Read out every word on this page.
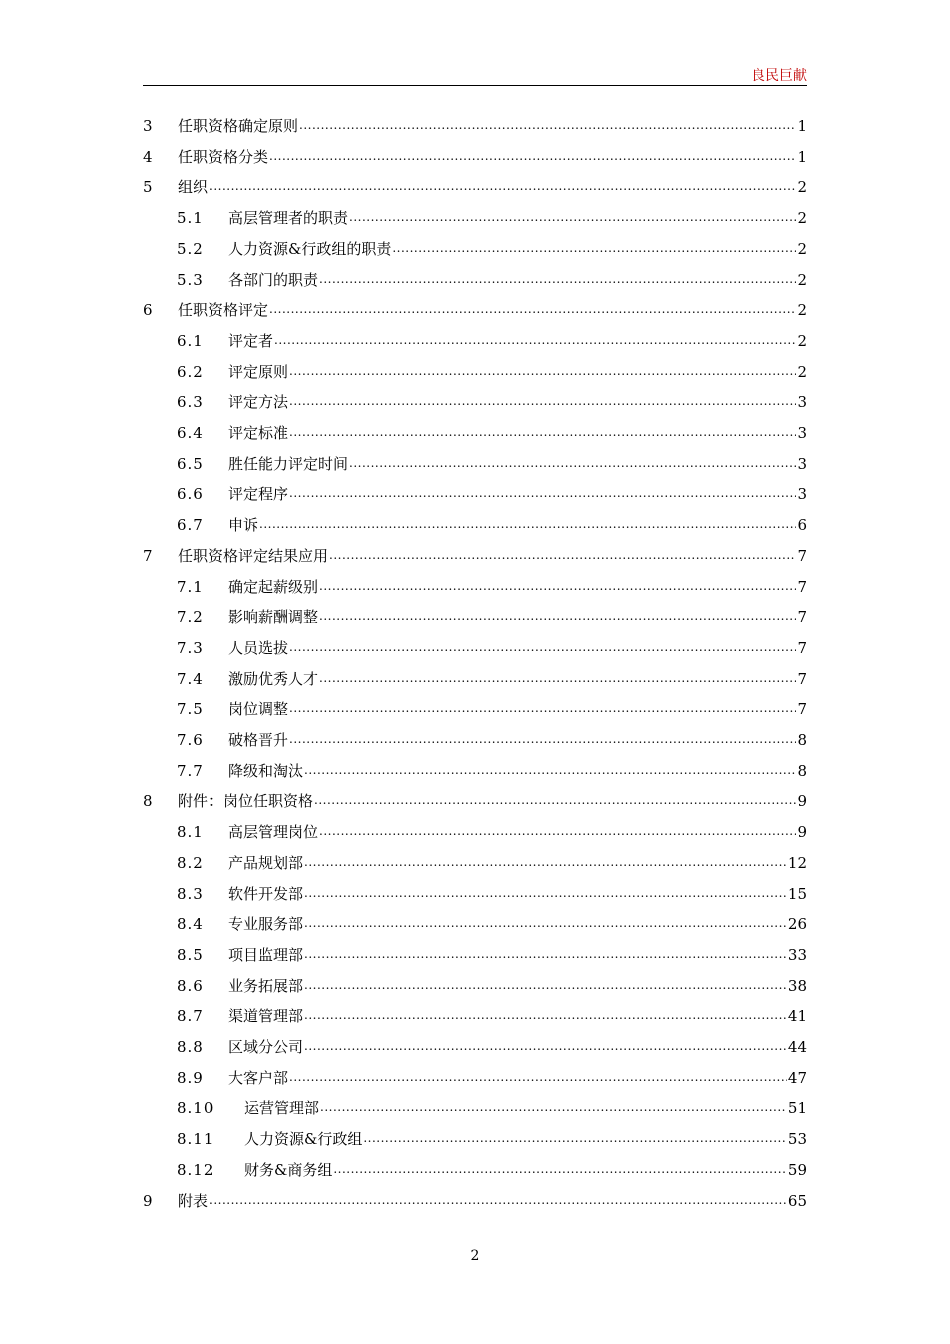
良民巨献
3 任职资格确定原则 .....	1
4 任职资格分类 .....	1
5 组织 .....	2
5.1 高层管理者的职责 .....	2
5.2 人力资源&行政组的职责 .....	2
5.3 各部门的职责 .....	2
6 任职资格评定 .....	2
6.1 评定者 .....	2
6.2 评定原则 .....	2
6.3 评定方法 .....	3
6.4 评定标准 .....	3
6.5 胜任能力评定时间 .....	3
6.6 评定程序 .....	3
6.7 申诉 .....	6
7 任职资格评定结果应用 .....	7
7.1 确定起薪级别 .....	7
7.2 影响薪酬调整 .....	7
7.3 人员选拔 .....	7
7.4 激励优秀人才 .....	7
7.5 岗位调整 .....	7
7.6 破格晋升 .....	8
7.7 降级和淘汰 .....	8
8 附件：岗位任职资格 .....	9
8.1 高层管理岗位 .....	9
8.2 产品规划部 .....	12
8.3 软件开发部 .....	15
8.4 专业服务部 .....	26
8.5 项目监理部 .....	33
8.6 业务拓展部 .....	38
8.7 渠道管理部 .....	41
8.8 区域分公司 .....	44
8.9 大客户部 .....	47
8.10 运营管理部 .....	51
8.11 人力资源&行政组 .....	53
8.12 财务&商务组 .....	59
9 附表 .....	65
2
